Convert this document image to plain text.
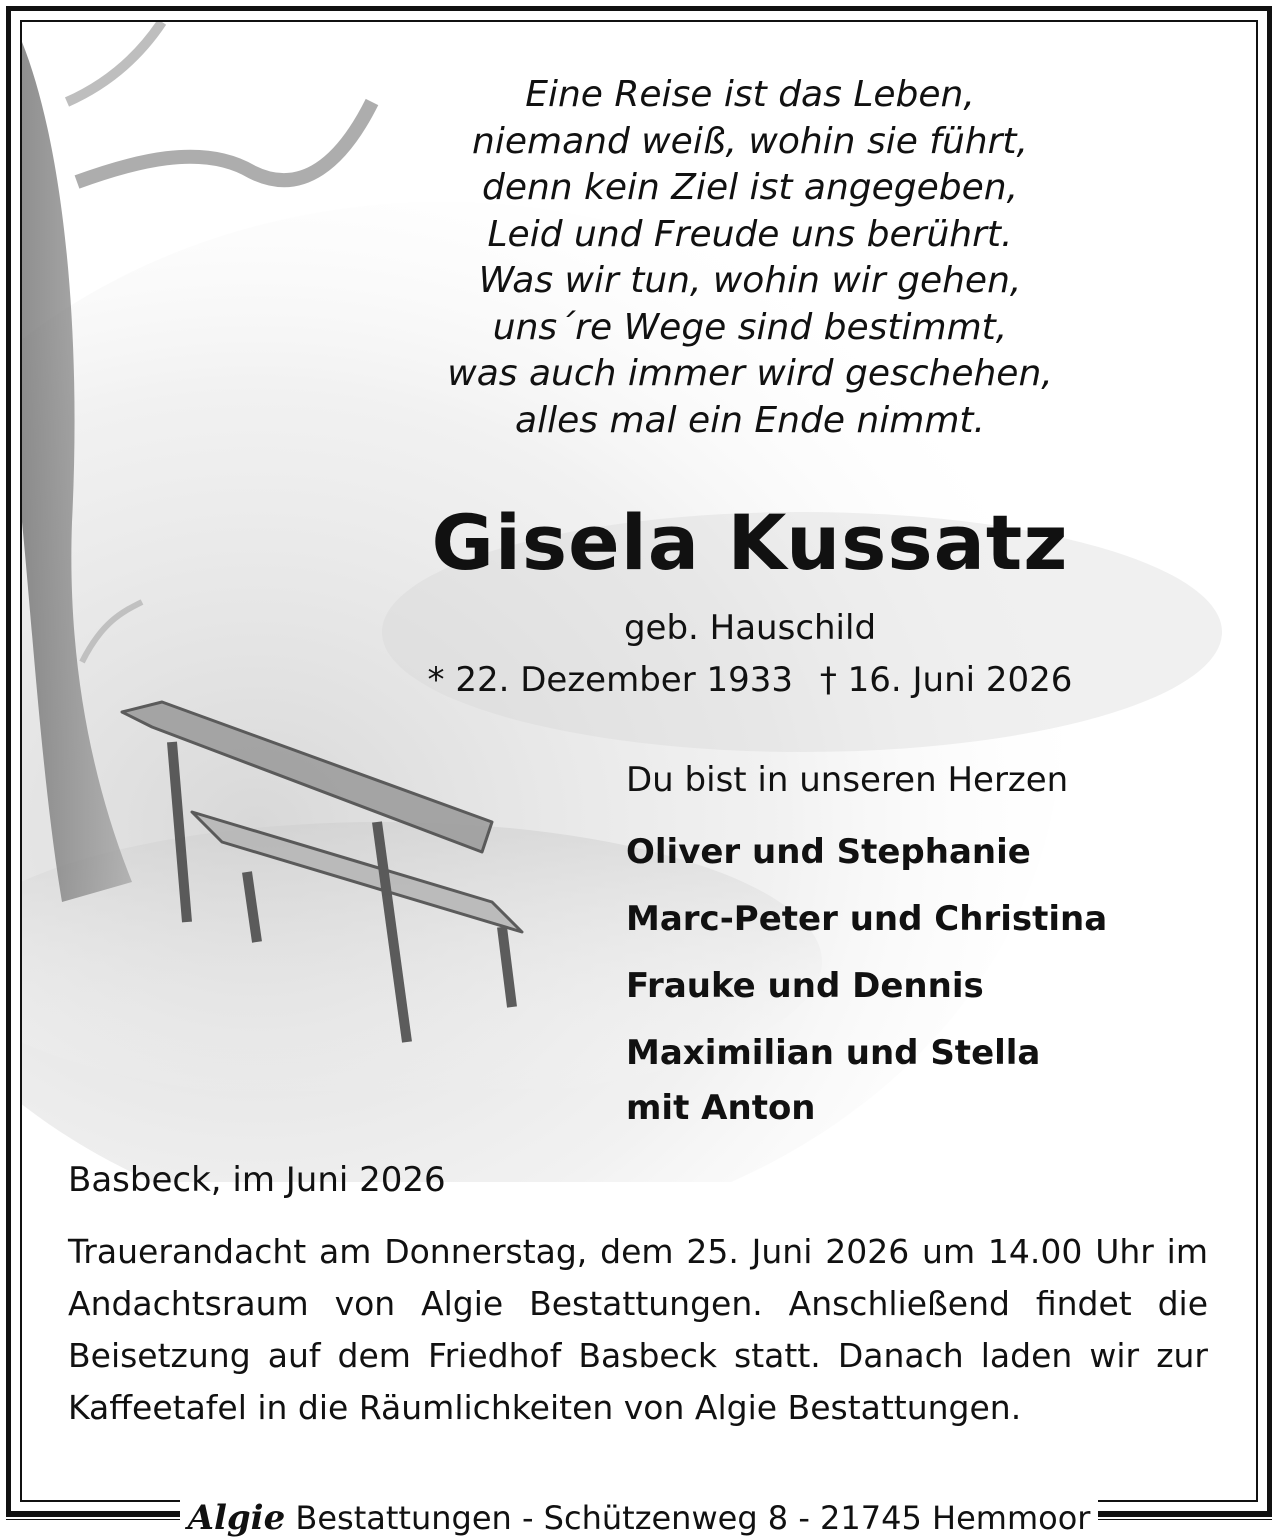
Eine Reise ist das Leben,
niemand weiß, wohin sie führt,
denn kein Ziel ist angegeben,
Leid und Freude uns berührt.
Was wir tun, wohin wir gehen,
uns´re Wege sind bestimmt,
was auch immer wird geschehen,
alles mal ein Ende nimmt.
Gisela Kussatz
geb. Hauschild
* 22. Dezember 1933 † 16. Juni 2026
Du bist in unseren Herzen
Oliver und Stephanie
Marc-Peter und Christina
Frauke und Dennis
Maximilian und Stella
mit Anton
Basbeck, im Juni 2026
Trauerandacht am Donnerstag, dem 25. Juni 2026 um 14.00 Uhr im Andachtsraum von Algie Bestattungen. Anschließend findet die Beisetzung auf dem Friedhof Basbeck statt. Danach laden wir zur Kaffeetafel in die Räumlichkeiten von Algie Bestattungen.
Algie Bestattungen - Schützenweg 8 - 21745 Hemmoor
